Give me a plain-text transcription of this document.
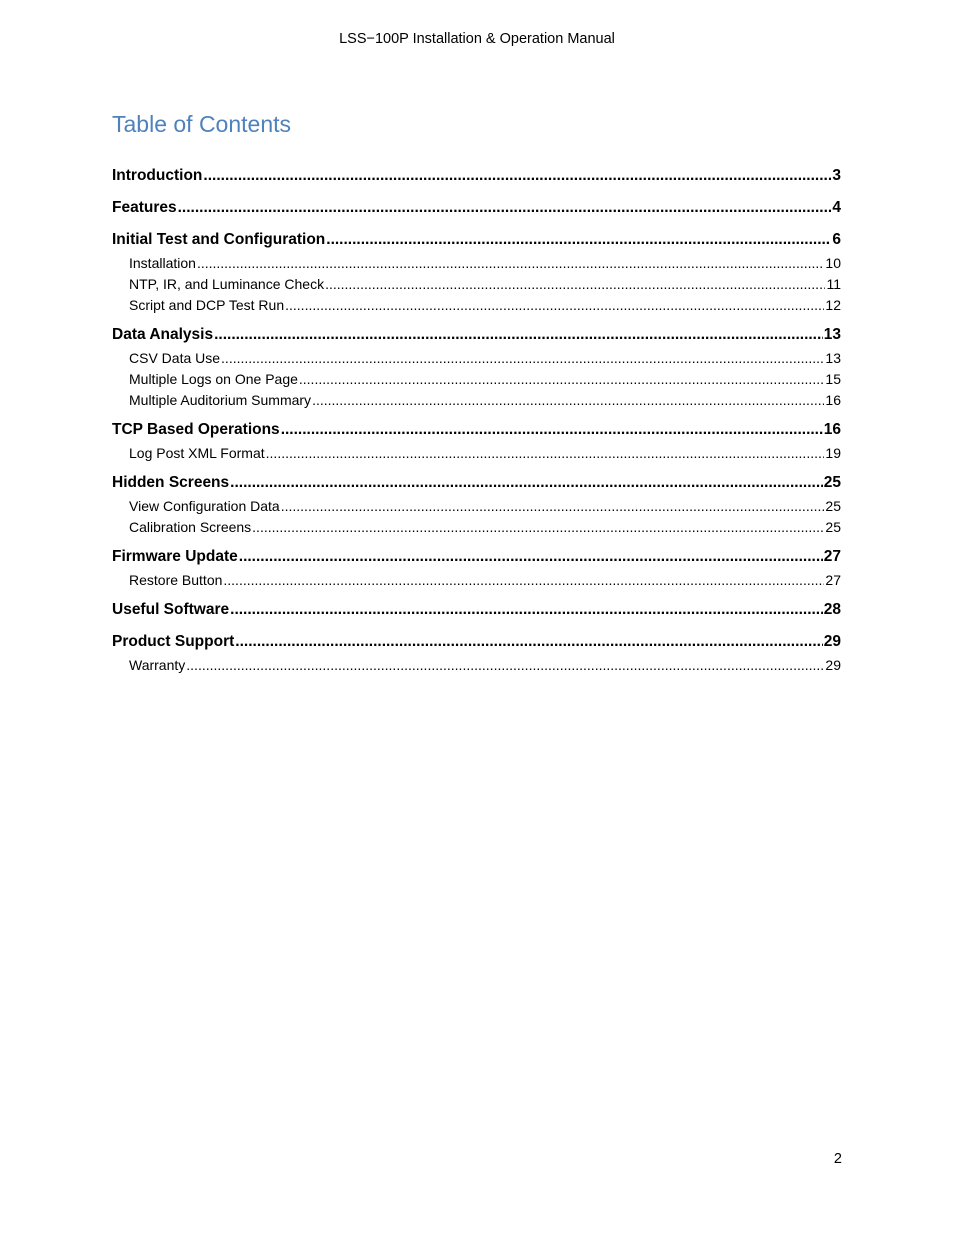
LSS−100P Installation & Operation Manual
Table of Contents
Introduction .....	3
Features .....	4
Initial Test and Configuration .....	6
Installation .....	10
NTP, IR, and Luminance Check .....	11
Script and DCP Test Run .....	12
Data Analysis .....	13
CSV Data Use .....	13
Multiple Logs on One Page .....	15
Multiple Auditorium Summary .....	16
TCP Based Operations .....	16
Log Post XML Format .....	19
Hidden Screens .....	25
View Configuration Data .....	25
Calibration Screens .....	25
Firmware Update .....	27
Restore Button .....	27
Useful Software .....	28
Product Support .....	29
Warranty .....	29
2
